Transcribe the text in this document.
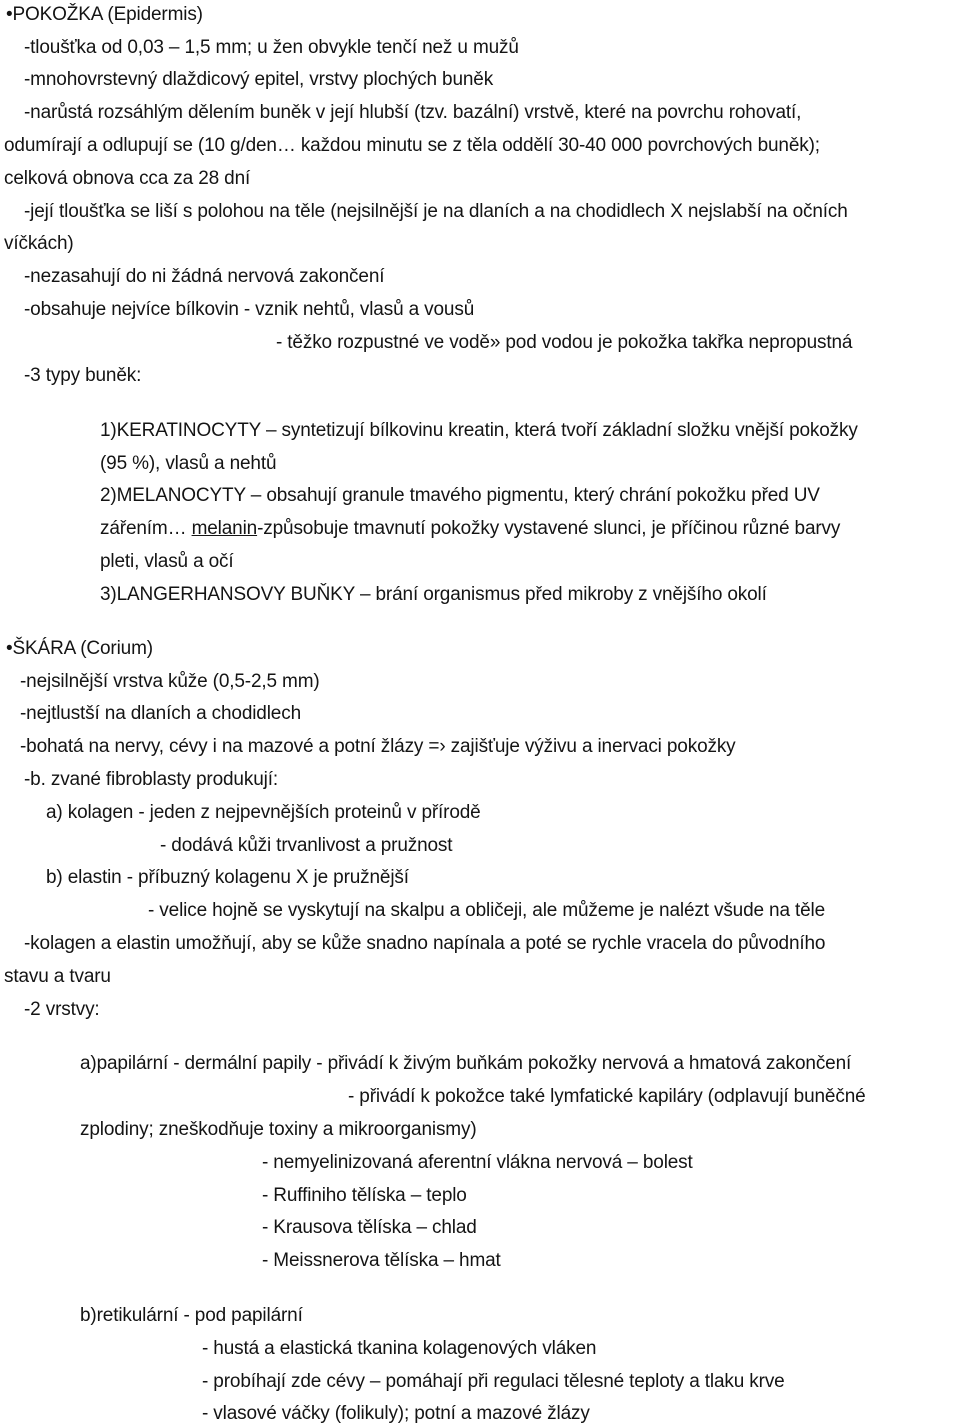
•POKOŽKA (Epidermis)
-tloušťka od 0,03 – 1,5 mm; u žen obvykle tenčí než u mužů
-mnohovrstevný dlaždicový epitel, vrstvy plochých buněk
-narůstá rozsáhlým dělením buněk v její hlubší (tzv. bazální) vrstvě, které na povrchu rohovatí,
odumírají a odlupují se (10 g/den… každou minutu se z těla oddělí 30-40 000 povrchových buněk);
celková obnova cca za 28 dní
-její tloušťka se liší s polohou na těle (nejsilnější je na dlaních a na chodidlech X nejslabší na očních
víčkách)
-nezasahují do ni žádná nervová zakončení
-obsahuje nejvíce bílkovin - vznik nehtů, vlasů a vousů
- těžko rozpustné ve vodě» pod vodou je pokožka takřka nepropustná
-3 typy buněk:
1)KERATINOCYTY – syntetizují bílkovinu kreatin, která tvoří základní složku vnější pokožky
(95 %), vlasů a nehtů
2)MELANOCYTY – obsahují granule tmavého pigmentu, který chrání pokožku před UV
zářením… melanin-způsobuje tmavnutí pokožky vystavené slunci, je příčinou různé barvy
pleti, vlasů a očí
3)LANGERHANSOVY BUŇKY – brání organismus před mikroby z vnějšího okolí
•ŠKÁRA (Corium)
-nejsilnější vrstva kůže (0,5-2,5 mm)
-nejtlustší na dlaních a chodidlech
-bohatá na nervy, cévy i na mazové a potní žlázy =› zajišťuje výživu a inervaci pokožky
-b. zvané fibroblasty produkují:
a) kolagen - jeden z nejpevnějších proteinů v přírodě
- dodává kůži trvanlivost a pružnost
b) elastin - příbuzný kolagenu X je pružnější
- velice hojně se vyskytují na skalpu a obličeji, ale můžeme je nalézt všude na těle
-kolagen a elastin umožňují, aby se kůže snadno napínala a poté se rychle vracela do původního
stavu a tvaru
-2 vrstvy:
a)papilární - dermální papily - přivádí k živým buňkám pokožky nervová a hmatová zakončení
- přivádí k pokožce také lymfatické kapiláry (odplavují buněčné
zplodiny; zneškodňuje toxiny a mikroorganismy)
- nemyelinizovaná aferentní vlákna nervová – bolest
- Ruffiniho tělíska – teplo
- Krausova tělíska – chlad
- Meissnerova tělíska – hmat
b)retikulární - pod papilární
- hustá a elastická tkanina kolagenových vláken
- probíhají zde cévy – pomáhají při regulaci tělesné teploty a tlaku krve
- vlasové váčky (folikuly); potní a mazové žlázy
